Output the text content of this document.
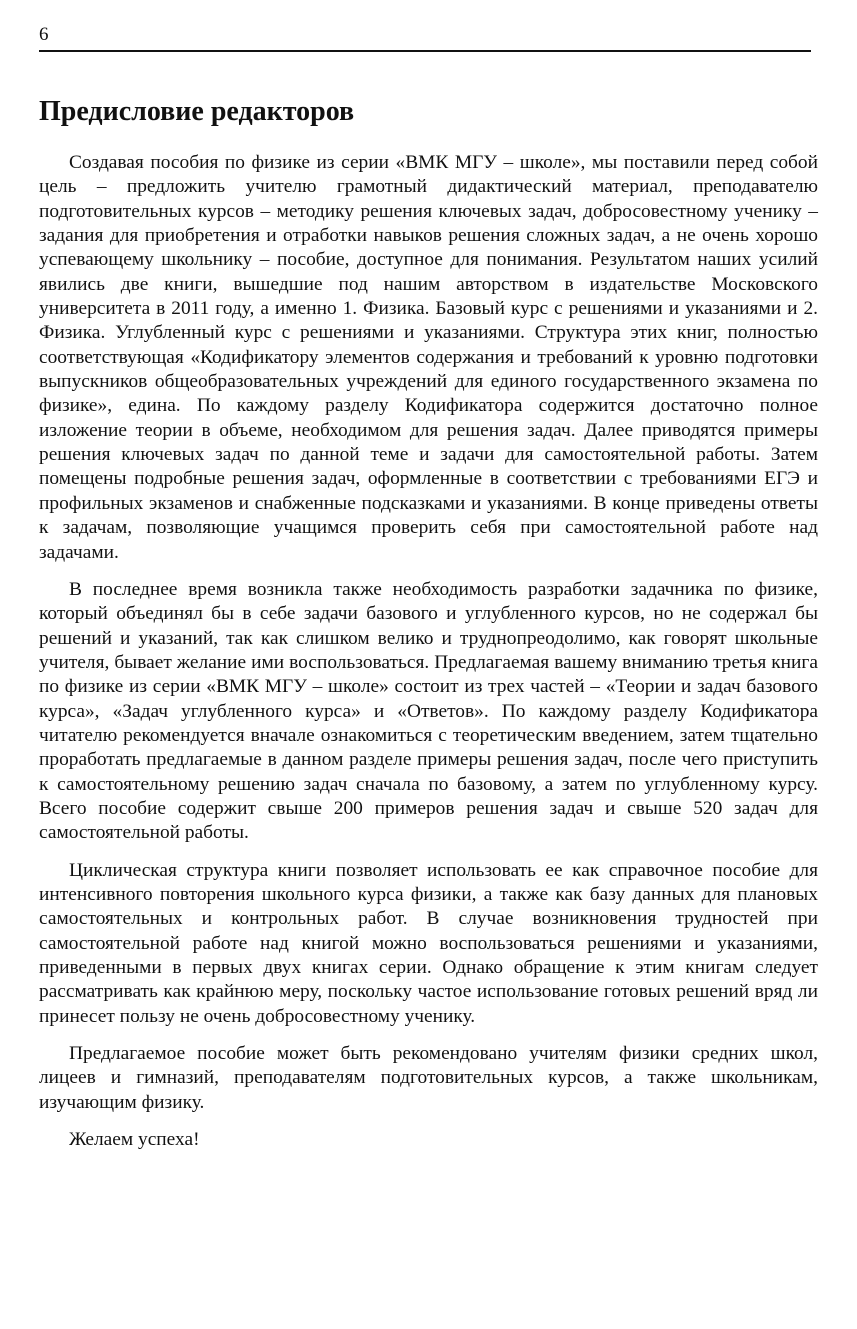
6
Предисловие редакторов

Создавая пособия по физике из серии «ВМК МГУ – школе», мы поставили перед собой цель – предложить учителю грамотный дидактический материал, преподавателю подготовительных курсов – методику решения ключевых задач, добросовестному ученику – задания для приобретения и отработки навыков решения сложных задач, а не очень хорошо успевающему школьнику – пособие, доступное для понимания. Результатом наших усилий явились две книги, вышедшие под нашим авторством в издательстве Московского университета в 2011 году, а именно 1. Физика. Базовый курс с решениями и указаниями и 2. Физика. Углубленный курс с решениями и указаниями. Структура этих книг, полностью соответствующая «Кодификатору элементов содержания и требований к уровню подготовки выпускников общеобразовательных учреждений для единого государственного экзамена по физике», едина. По каждому разделу Кодификатора содержится достаточно полное изложение теории в объеме, необходимом для решения задач. Далее приводятся примеры решения ключевых задач по данной теме и задачи для самостоятельной работы. Затем помещены подробные решения задач, оформленные в соответствии с требованиями ЕГЭ и профильных экзаменов и снабженные подсказками и указаниями. В конце приведены ответы к задачам, позволяющие учащимся проверить себя при самостоятельной работе над задачами.

В последнее время возникла также необходимость разработки задачника по физике, который объединял бы в себе задачи базового и углубленного курсов, но не содержал бы решений и указаний, так как слишком велико и труднопреодолимо, как говорят школьные учителя, бывает желание ими воспользоваться. Предлагаемая вашему вниманию третья книга по физике из серии «ВМК МГУ – школе» состоит из трех частей – «Теории и задач базового курса», «Задач углубленного курса» и «Ответов». По каждому разделу Кодификатора читателю рекомендуется вначале ознакомиться с теоретическим введением, затем тщательно проработать предлагаемые в данном разделе примеры решения задач, после чего приступить к самостоятельному решению задач сначала по базовому, а затем по углубленному курсу. Всего пособие содержит свыше 200 примеров решения задач и свыше 520 задач для самостоятельной работы.

Циклическая структура книги позволяет использовать ее как справочное пособие для интенсивного повторения школьного курса физики, а также как базу данных для плановых самостоятельных и контрольных работ. В случае возникновения трудностей при самостоятельной работе над книгой можно воспользоваться решениями и указаниями, приведенными в первых двух книгах серии. Однако обращение к этим книгам следует рассматривать как крайнюю меру, поскольку частое использование готовых решений вряд ли принесет пользу не очень добросовестному ученику.

Предлагаемое пособие может быть рекомендовано учителям физики средних школ, лицеев и гимназий, преподавателям подготовительных курсов, а также школьникам, изучающим физику.

Желаем успеха!
